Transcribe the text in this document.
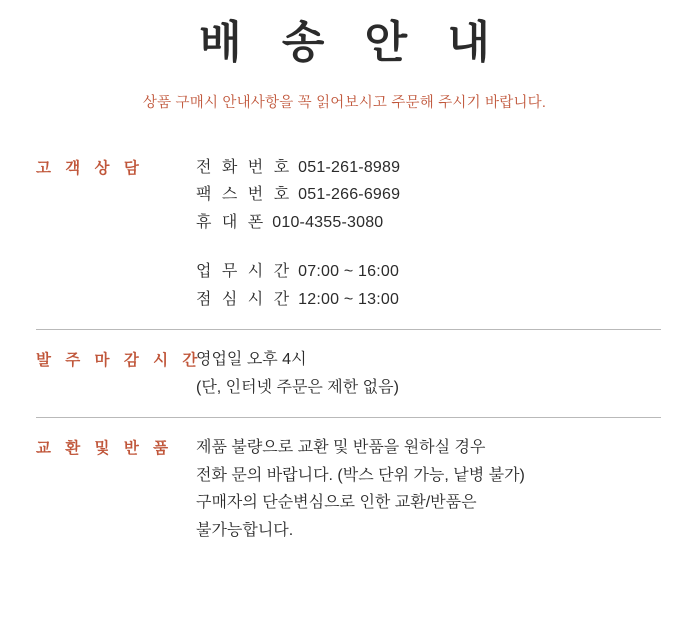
배 송 안 내
상품 구매시 안내사항을 꼭 읽어보시고 주문해 주시기 바랍니다.
고 객 상 담	전 화 번 호 051-261-8989
팩 스 번 호 051-266-6969
휴 대 폰 010-4355-3080
업 무 시 간 07:00 ~ 16:00
점 심 시 간 12:00 ~ 13:00
발 주 마 감 시 간
영업일 오후 4시
(단, 인터넷 주문은 제한 없음)
교 환 및 반 품	제품 불량으로 교환 및 반품을 원하실 경우
전화 문의 바랍니다. (박스 단위 가능, 낱병 불가)
구매자의 단순변심으로 인한 교환/반품은
불가능합니다.
